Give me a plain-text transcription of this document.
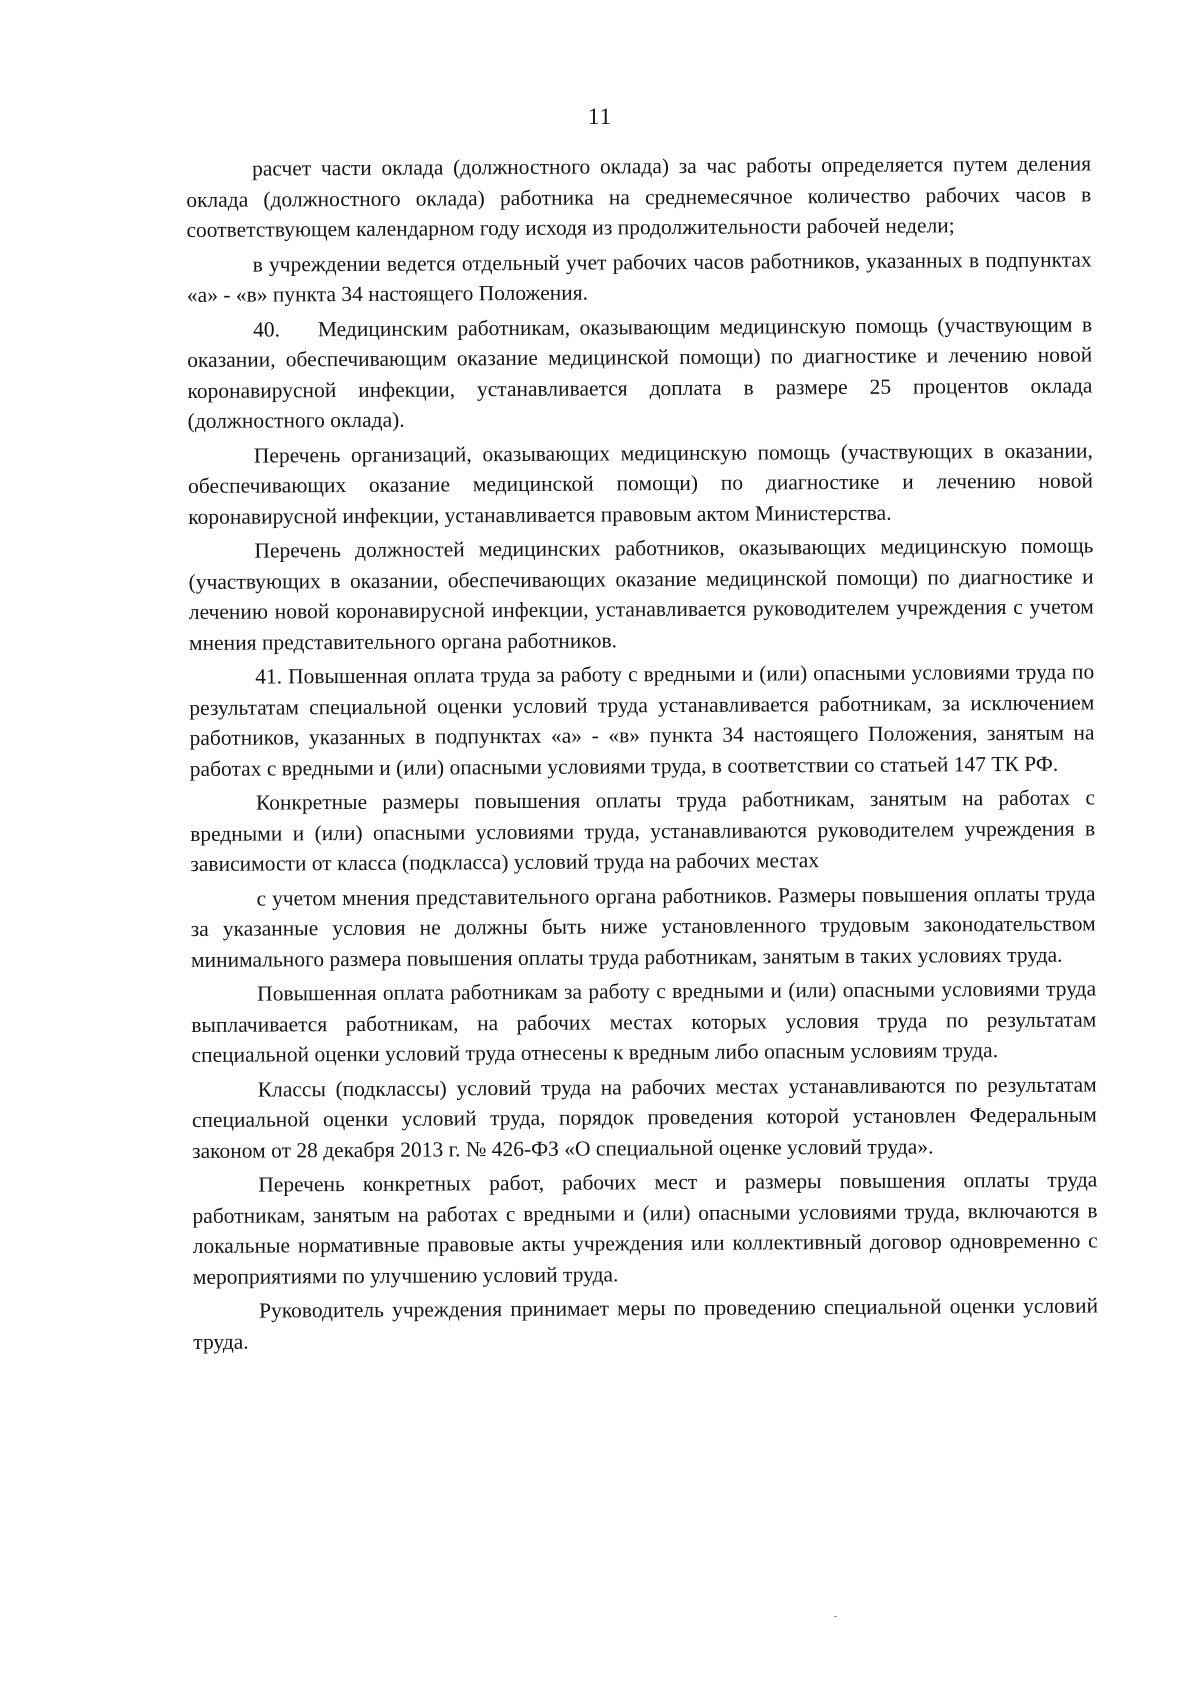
11

расчет части оклада (должностного оклада) за час работы определяется путем деления оклада (должностного оклада) работника на среднемесячное количество рабочих часов в соответствующем календарном году исходя из продолжительности рабочей недели;

в учреждении ведется отдельный учет рабочих часов работников, указанных в подпунктах «а» - «в» пункта 34 настоящего Положения.

40.    Медицинским работникам, оказывающим медицинскую помощь (участвующим в оказании, обеспечивающим оказание медицинской помощи) по диагностике и лечению новой коронавирусной инфекции, устанавливается доплата в размере 25 процентов оклада (должностного оклада).

Перечень организаций, оказывающих медицинскую помощь (участвующих в оказании, обеспечивающих оказание медицинской помощи) по диагностике и лечению новой коронавирусной инфекции, устанавливается правовым актом Министерства.

Перечень должностей медицинских работников, оказывающих медицинскую помощь (участвующих в оказании, обеспечивающих оказание медицинской помощи) по диагностике и лечению новой коронавирусной инфекции, устанавливается руководителем учреждения с учетом мнения представительного органа работников.

41. Повышенная оплата труда за работу с вредными и (или) опасными условиями труда по результатам специальной оценки условий труда устанавливается работникам, за исключением работников, указанных в подпунктах «а» - «в» пункта 34 настоящего Положения, занятым на работах с вредными и (или) опасными условиями труда, в соответствии со статьей 147 ТК РФ.

Конкретные размеры повышения оплаты труда работникам, занятым на работах с вредными и (или) опасными условиями труда, устанавливаются руководителем учреждения в зависимости от класса (подкласса) условий труда на рабочих местах

с учетом мнения представительного органа работников. Размеры повышения оплаты труда за указанные условия не должны быть ниже установленного трудовым законодательством минимального размера повышения оплаты труда работникам, занятым в таких условиях труда.

Повышенная оплата работникам за работу с вредными и (или) опасными условиями труда выплачивается работникам, на рабочих местах которых условия труда по результатам специальной оценки условий труда отнесены к вредным либо опасным условиям труда.

Классы (подклассы) условий труда на рабочих местах устанавливаются по результатам специальной оценки условий труда, порядок проведения которой установлен Федеральным законом от 28 декабря 2013 г. № 426-ФЗ «О специальной оценке условий труда».

Перечень конкретных работ, рабочих мест и размеры повышения оплаты труда работникам, занятым на работах с вредными и (или) опасными условиями труда, включаются в локальные нормативные правовые акты учреждения или коллективный договор одновременно с мероприятиями по улучшению условий труда.

Руководитель учреждения принимает меры по проведению специальной оценки условий труда.
